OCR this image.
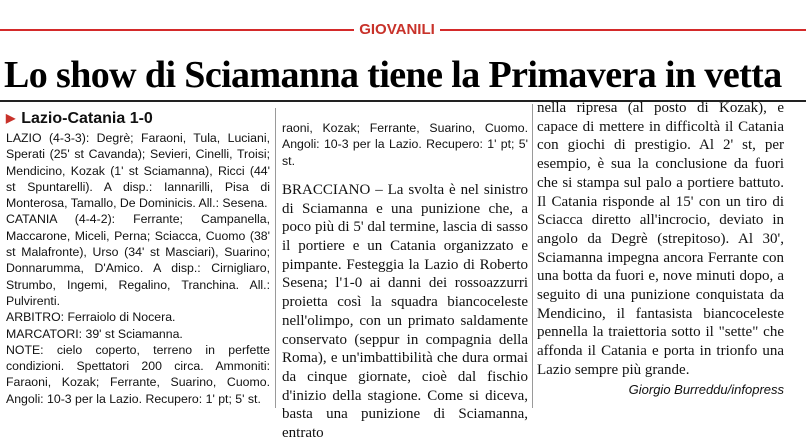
GIOVANILI
Lo show di Sciamanna tiene la Primavera in vetta
▶ Lazio-Catania 1-0

LAZIO (4-3-3): Degrè; Faraoni, Tula, Luciani, Sperati (25' st Cavanda); Sevieri, Cinelli, Troisi; Mendicino, Kozak (1' st Sciamanna), Ricci (44' st Spuntarelli). A disp.: Iannarilli, Pisa di Monterosa, Tamallo, De Dominicis. All.: Sesena.

CATANIA (4-4-2): Ferrante; Campanella, Maccarone, Miceli, Perna; Sciacca, Cuomo (38' st Malafronte), Urso (34' st Masciari), Suarino; Donnarumma, D'Amico. A disp.: Cirnigliaro, Strumbo, Ingemi, Regalino, Tranchina. All.: Pulvirenti.

ARBITRO: Ferraiolo di Nocera.

MARCATORI: 39' st Sciamanna.

NOTE: cielo coperto, terreno in perfette condizioni. Spettatori 200 circa. Ammoniti: Faraoni, Kozak; Ferrante, Suarino, Cuomo. Angoli: 10-3 per la Lazio. Recupero: 1' pt; 5' st.

raoni, Kozak; Ferrante, Suarino, Cuomo. Angoli: 10-3 per la Lazio. Recupero: 1' pt; 5' st.

BRACCIANO – La svolta è nel sinistro di Sciamanna e una punizione che, a poco più di 5' dal termine, lascia di sasso il portiere e un Catania organizzato e pimpante. Festeggia la Lazio di Roberto Sesena; l'1-0 ai danni dei rossoazzurri proietta così la squadra biancoceleste nell'olimpo, con un primato saldamente conservato (seppur in compagnia della Roma), e un'imbattibilità che dura ormai da cinque giornate, cioè dal fischio d'inizio della stagione. Come si diceva, basta una punizione di Sciamanna, entrato

nella ripresa (al posto di Kozak), e capace di mettere in difficoltà il Catania con giochi di prestigio. Al 2' st, per esempio, è sua la conclusione da fuori che si stampa sul palo a portiere battuto. Il Catania risponde al 15' con un tiro di Sciacca diretto all'incrocio, deviato in angolo da Degrè (strepitoso). Al 30', Sciamanna impegna ancora Ferrante con una botta da fuori e, nove minuti dopo, a seguito di una punizione conquistata da Mendicino, il fantasista biancoceleste pennella la traiettoria sotto il "sette" che affonda il Catania e porta in trionfo una Lazio sempre più grande.

Giorgio Burreddu/infopress
